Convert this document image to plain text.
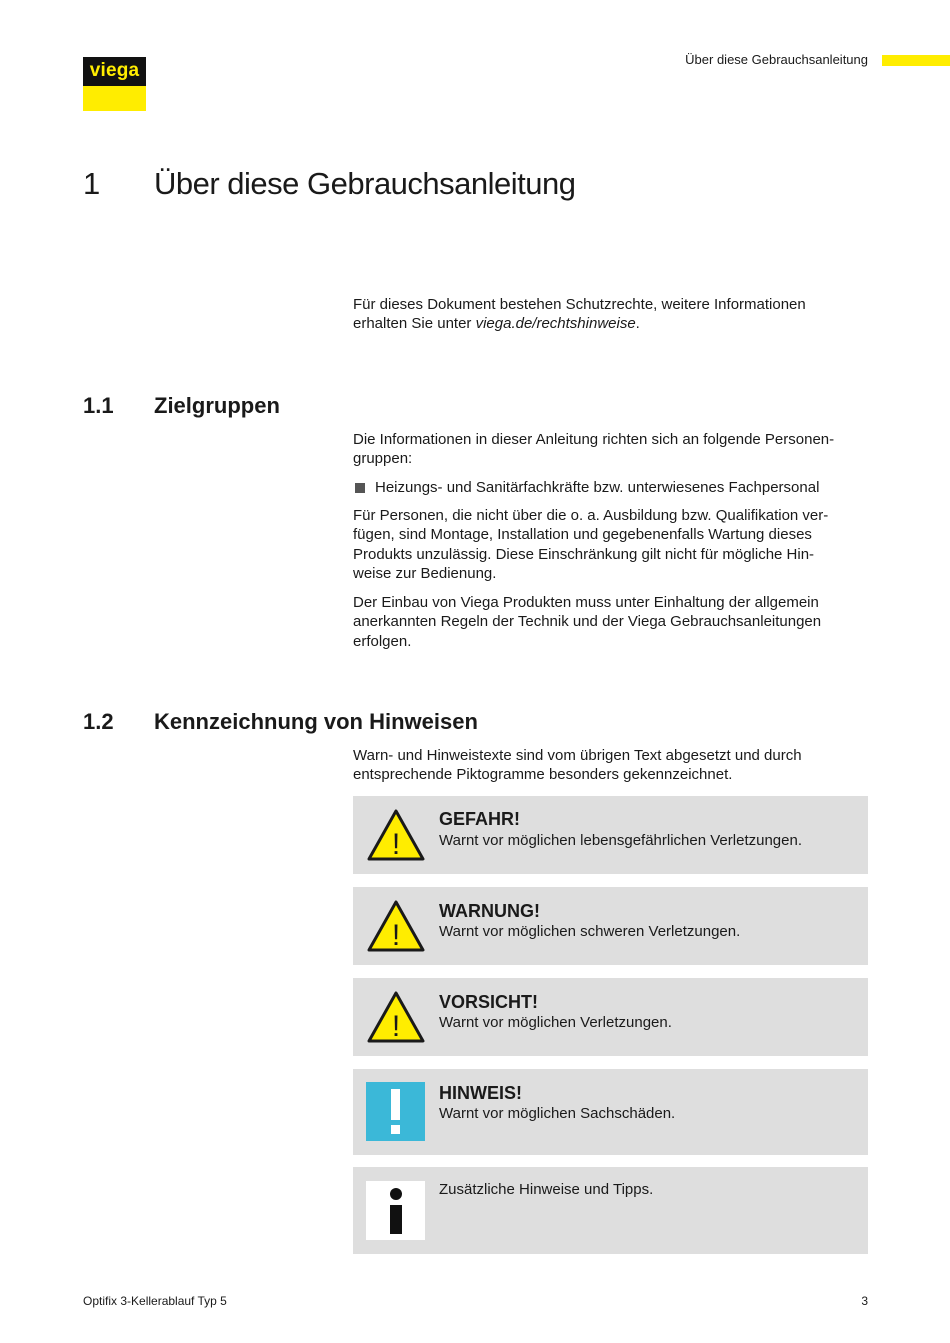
viega
Über diese Gebrauchsanleitung
1 Über diese Gebrauchsanleitung

Für dieses Dokument bestehen Schutzrechte, weitere Informationen

erhalten Sie unter viega.de/rechtshinweise.

1.1 Zielgruppen

Die Informationen in dieser Anleitung richten sich an folgende Personen-

gruppen:

Heizungs- und Sanitärfachkräfte bzw. unterwiesenes Fachpersonal

Für Personen, die nicht über die o. a. Ausbildung bzw. Qualifikation ver-

fügen, sind Montage, Installation und gegebenenfalls Wartung dieses

Produkts unzulässig. Diese Einschränkung gilt nicht für mögliche Hin-

weise zur Bedienung.

Der Einbau von Viega Produkten muss unter Einhaltung der allgemein

anerkannten Regeln der Technik und der Viega Gebrauchsanleitungen

erfolgen.

1.2 Kennzeichnung von Hinweisen

Warn- und Hinweistexte sind vom übrigen Text abgesetzt und durch

entsprechende Piktogramme besonders gekennzeichnet.

!
GEFAHR!
Warnt vor möglichen lebensgefährlichen Verletzungen.
!
WARNUNG!
Warnt vor möglichen schweren Verletzungen.
!
VORSICHT!
Warnt vor möglichen Verletzungen.
HINWEIS!
Warnt vor möglichen Sachschäden.
Zusätzliche Hinweise und Tipps.
Optifix 3-Kellerablauf Typ 5	3
